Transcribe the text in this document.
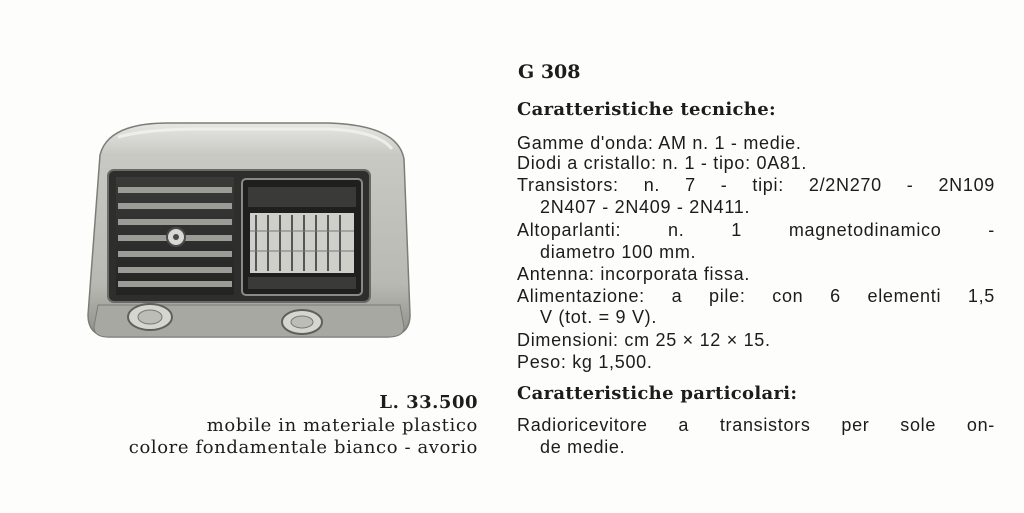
L. 33.500
mobile in materiale plastico
colore fondamentale bianco - avorio
G 308
Caratteristiche tecniche:
Gamme d'onda: AM n. 1 - medie.
Diodi a cristallo: n. 1 - tipo: 0A81.
Transistors: n. 7 - tipi: 2/2N270 - 2N109
2N407 - 2N409 - 2N411.
Altoparlanti: n. 1 magnetodinamico -
diametro 100 mm.
Antenna: incorporata fissa.
Alimentazione: a pile: con 6 elementi 1,5
V (tot. = 9 V).
Dimensioni: cm 25 × 12 × 15.
Peso: kg 1,500.
Caratteristiche particolari:
Radioricevitore a transistors per sole on-
de medie.
